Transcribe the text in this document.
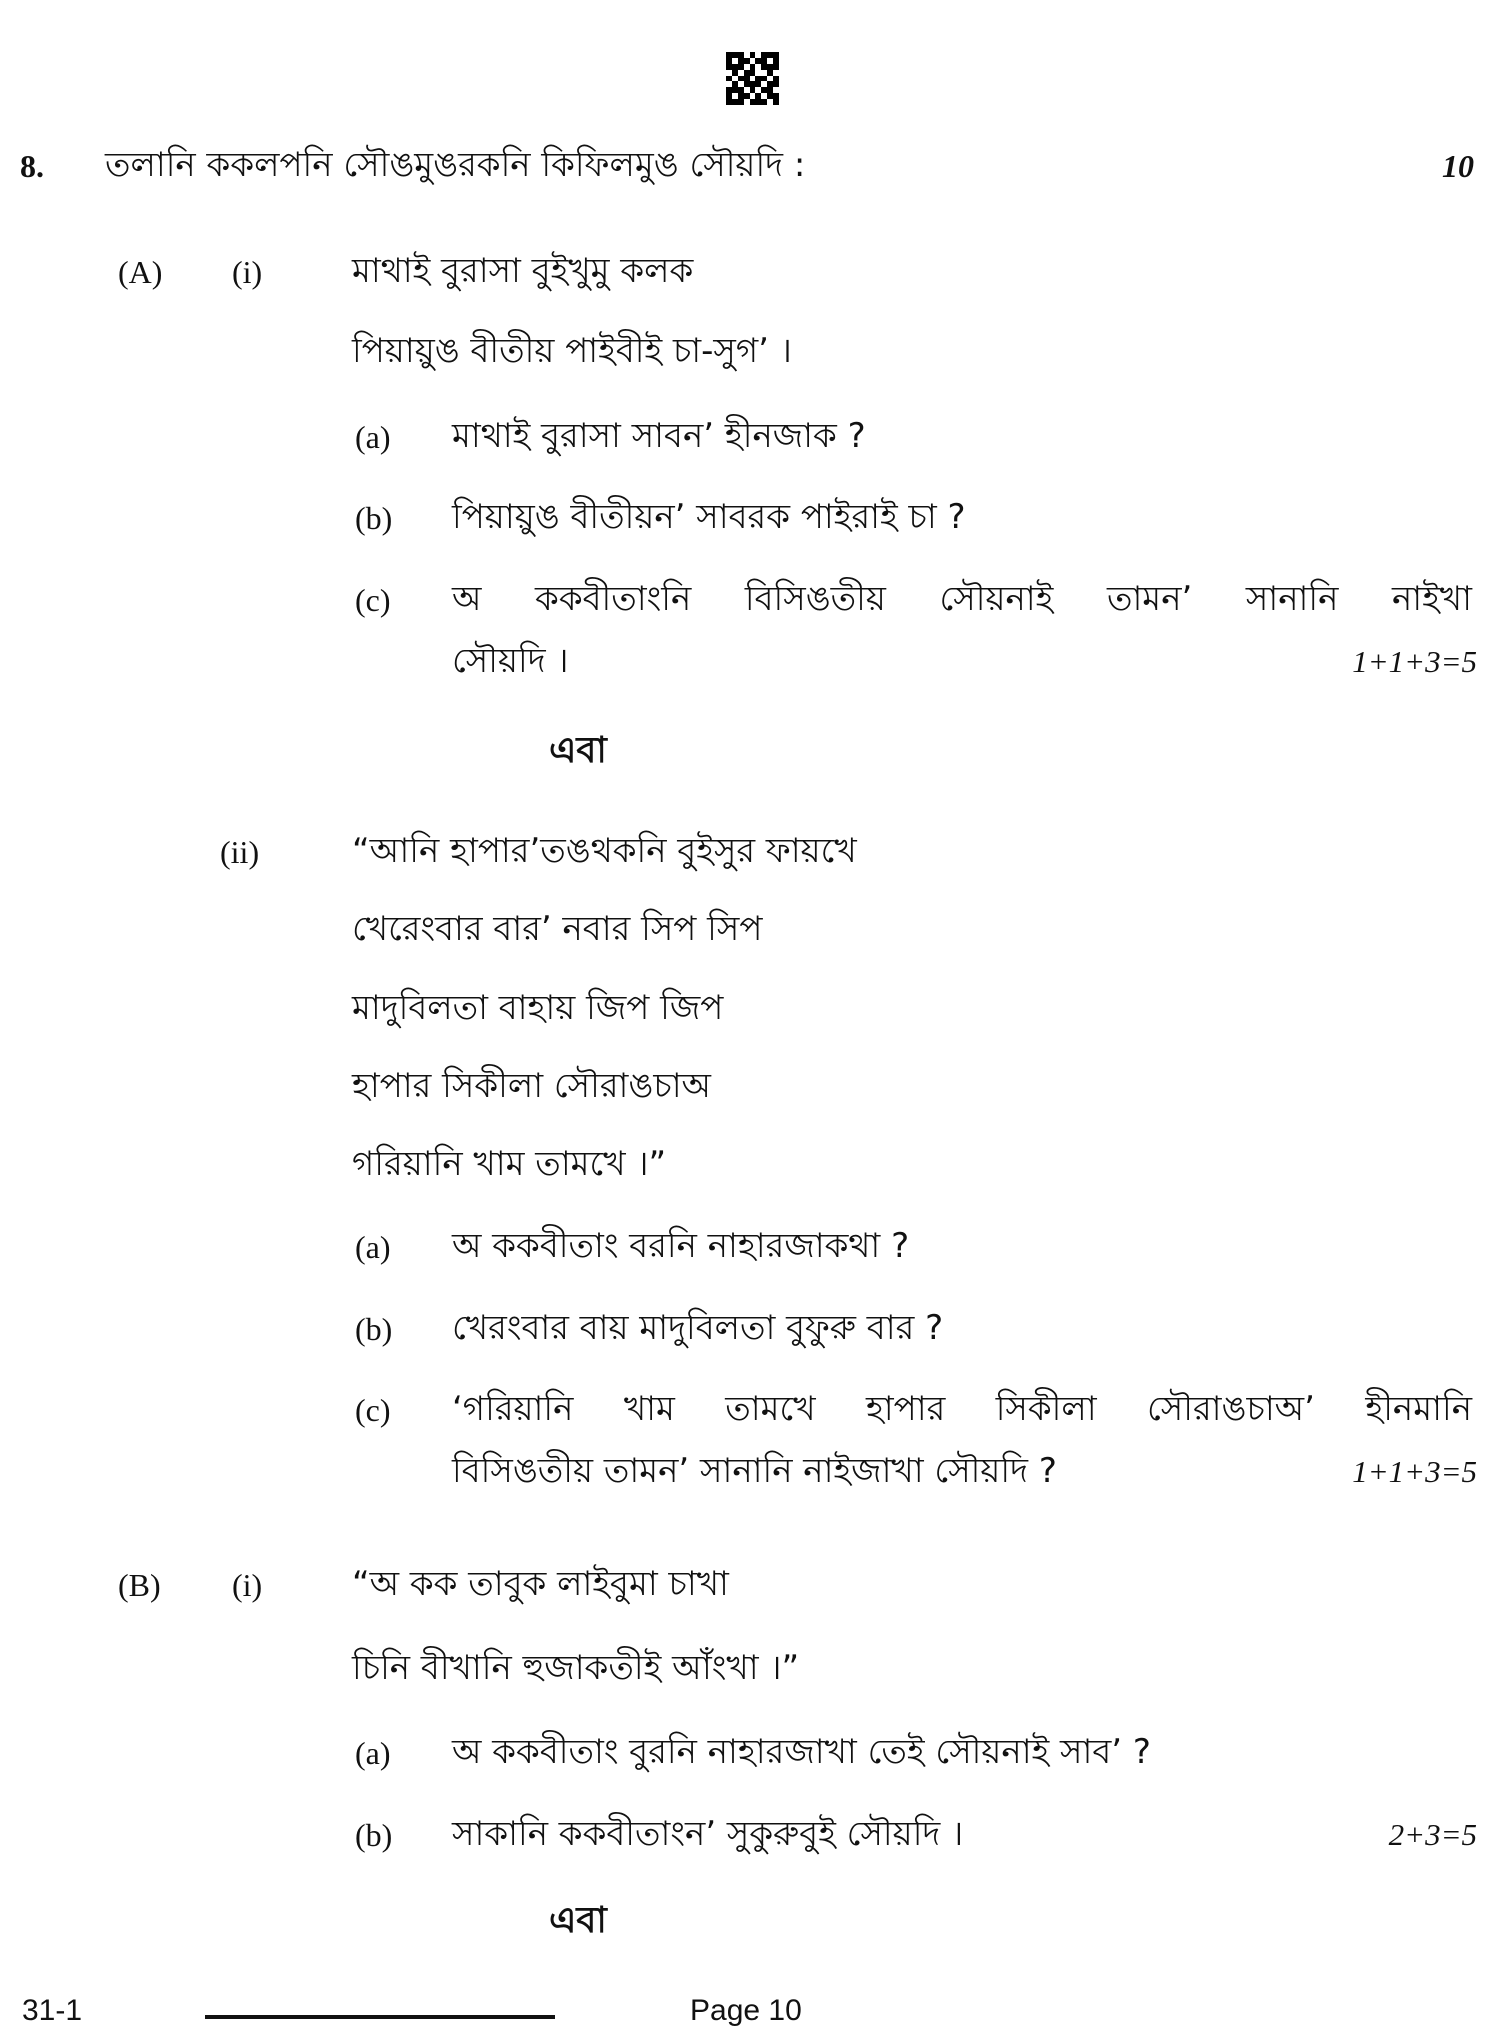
8. তলানি ককলপনি সৌঙমুঙরকনি কিফিলমুঙ সৌয়দি :	10
(A) (i)	মাথাই বুরাসা বুইখুমু কলক
পিয়ায়ুঙ বীতীয় পাইবীই চা-সুগ’ ।
(a) মাথাই বুরাসা সাবন’ হীনজাক ?
(b) পিয়ায়ুঙ বীতীয়ন’ সাবরক পাইরাই চা ?
(c) অ ককবীতাংনি বিসিঙতীয় সৌয়নাই তামন’ সানানি নাইখা
সৌয়দি ।	1+1+3=5
এবা
(ii)	“আনি হাপার’তঙথকনি বুইসুর ফায়খে
খেরেংবার বার’ নবার সিপ সিপ
মাদুবিলতা বাহায় জিপ জিপ
হাপার সিকীলা সৌরাঙচাঅ
গরিয়ানি খাম তামখে ।”
(a) অ ককবীতাং বরনি নাহারজাকথা ?
(b) খেরংবার বায় মাদুবিলতা বুফুরু বার ?
(c) ‘গরিয়ানি খাম তামখে হাপার সিকীলা সৌরাঙচাঅ’ হীনমানি
বিসিঙতীয় তামন’ সানানি নাইজাখা সৌয়দি ?	1+1+3=5
(B) (i)	“অ কক তাবুক লাইবুমা চাখা
চিনি বীখানি হুজাকতীই আঁংখা ।”
(a) অ ককবীতাং বুরনি নাহারজাখা তেই সৌয়নাই সাব’ ?
(b) সাকানি ককবীতাংন’ সুকুরুবুই সৌয়দি ।	2+3=5
এবা
31-1	Page 10
